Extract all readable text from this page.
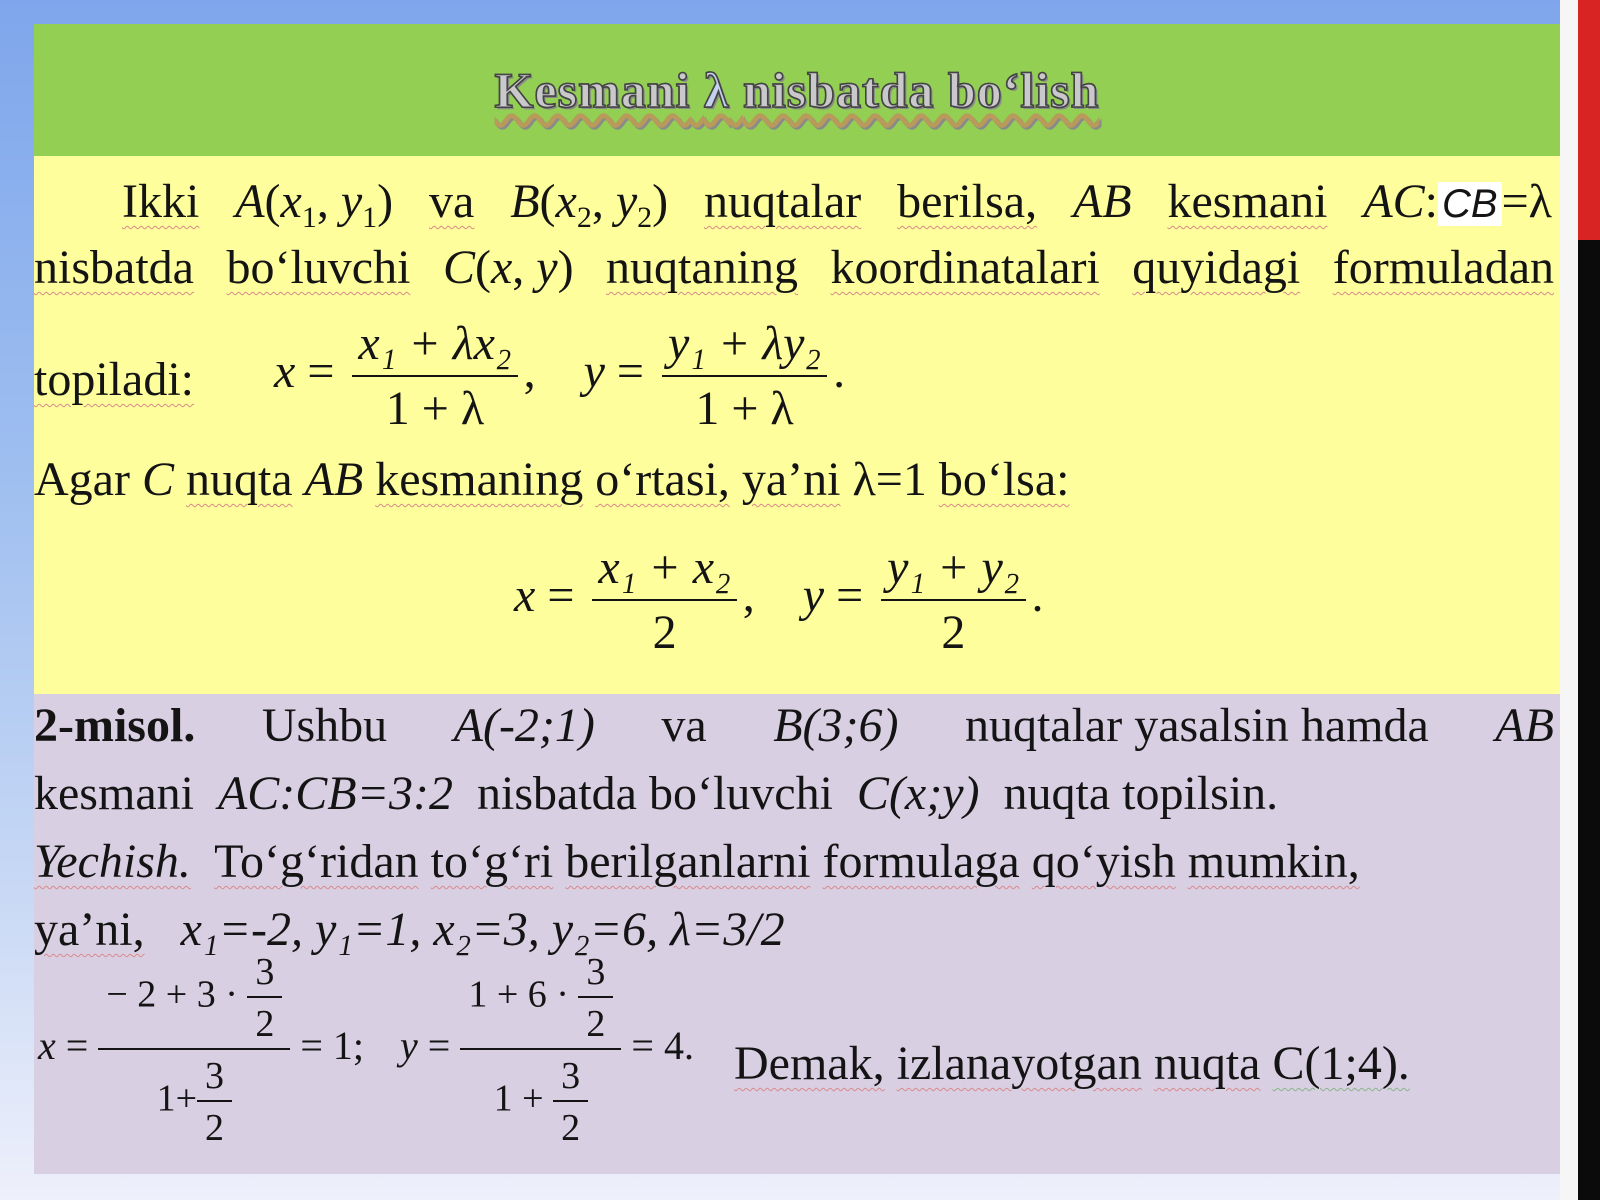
Kesmani λ nisbatda bo‘lish
Ikki $A(x_1$, $y_1$) va $B(x_2$, $y_2$) nuqtalar berilsa, AB kesmani AC: CB=λ
nisbatda bo‘luvchi C(x, y) nuqtaning koordinatalari quyidagi formuladan
topiladi: $x = \frac{\text{x₁ + λx₂}}{1 + \lambda}$ ,    $y = \frac{\text{y₁ + λy₂}}{1 + \lambda}$ .
Agar C nuqta AB kesmaning o‘rtasi, ya’ni λ=1 bo‘lsa:
$x = \frac{\text{x₁ + x₂}}{2}$ ,    $y = \frac{\text{y₁ + y₂}}{2}$ .
2-misol. Ushbu A(-2;1) va B(3;6) nuqtalar yasalsin hamda AB
kesmani AC:CB=3:2 nisbatda bo‘luvchi C(x;y) nuqta topilsin.
Yechish. To‘g‘ridan to‘g‘ri berilganlarni formulaga qo‘yish mumkin,
ya’ni, x₁=-2, y₁=1, x₂=3, y₂=6, λ=3/2
$x = \frac{- 2 + 3 \cdot \frac{3}{2}}{1+ \frac{3}{2}} = 1$; $y = \frac{1 + 6 \cdot \frac{3}{2}}{1 + \frac{3}{2}} = 4$. Demak, izlanayotgan nuqta C(1;4).
